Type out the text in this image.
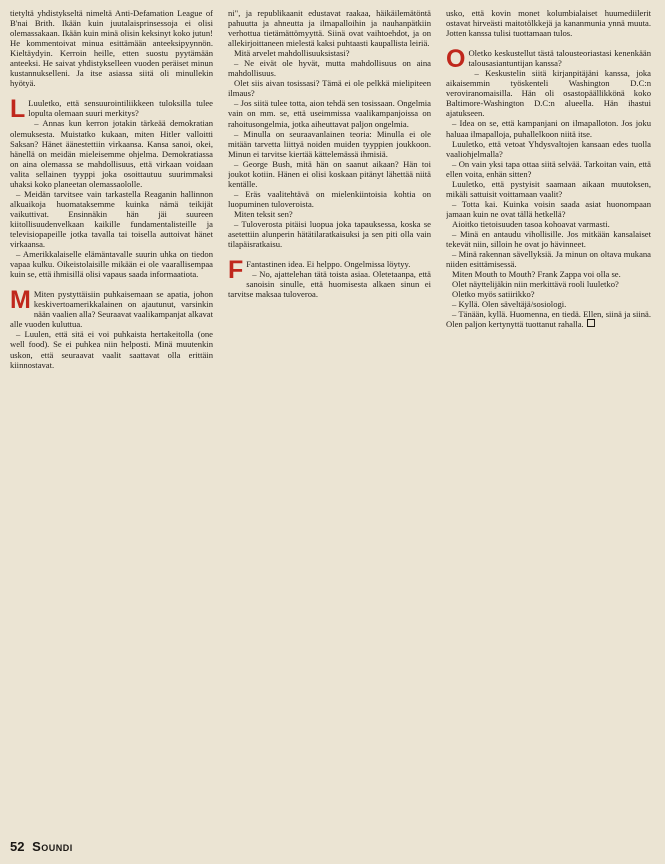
tietyltä yhdistykseltä nimeltä Anti-Defamation League of B'nai Brith. Ikään kuin juutalaisprinsessoja ei olisi olemassakaan. Ikään kuin minä olisin keksinyt koko jutun! He kommentoivat minua esittämään anteeksipyynnön. Kieltäydyin. Kerroin heille, etten suostu pyytämään anteeksi. He saivat yhdistykselleen vuoden peräiset minun kustannukselleni. Ja itse asiassa siitä oli minullekin hyötyä.

L Luuletko, että sensuurointiliikkeen tuloksilla tulee lopulta olemaan suuri merkitys?

– Annas kun kerron jotakin tärkeää demokratian olemuksesta. Muistatko kukaan, miten Hitler valloitti Saksan? Hänet äänestettiin virkaansa. Kansa sanoi, okei, hänellä on meidän mieleisemme ohjelma. Demokratiassa on aina olemassa se mahdollisuus, että virkaan voidaan valita sellainen tyyppi joka osoittautuu suurimmaksi uhaksi koko planeetan olemassaololle.

– Meidän tarvitsee vain tarkastella Reaganin hallinnon alkuaikoja huomataksemme kuinka nämä teikijät vaikuttivat. Ensinnäkin hän jäi suureen kiitollisuudenvelkaan kaikille fundamentalisteille ja televisiopapeille jotka tavalla tai toisella auttoivat hänet virkaansa.

– Amerikkalaiselle elämäntavalle suurin uhka on tiedon vapaa kulku. Oikeistolaisille mikään ei ole vaarallisempaa kuin se, että ihmisillä olisi vapaus saada informaatiota.

M Miten pystyttäisiin puhkaisemaan se apatia, johon keskivertoamerikkalainen on ajautunut, varsinkin nään vaalien alla? Seuraavat vaalikampanjat alkavat alle vuoden kuluttua.

– Luulen, että sitä ei voi puhkaista hertakeitolla (one well food). Se ei puhkea niin helposti. Minä muutenkin uskon, että seuraavat vaalit saattavat olla erittäin kiinnostavat.

ni", ja republikaanit edustavat raakaa, häikäilemätöntä pahuutta ja ahneutta ja ilmapalloihin ja nauhanpätkiin verhottua tietämättömyyttä. Siinä ovat vaihtoehdot, ja on allekirjoittaneen mielestä kaksi puhtaasti kaupallista leiriä.

Mitä arvelet mahdollisuuksistasi?

– Ne eivät ole hyvät, mutta mahdollisuus on aina mahdollisuus.

Olet siis aivan tosissasi? Tämä ei ole pelkkä mielipiteen ilmaus?

– Jos siitä tulee totta, aion tehdä sen tosissaan. Ongelmia vain on mm. se, että useimmissa vaalikampanjoissa on rahoitusongelmia, jotka aiheuttavat paljon ongelmia.

– Minulla on seuraavanlainen teoria: Minulla ei ole mitään tarvetta liittyä noiden muiden tyyppien joukkoon. Minun ei tarvitse kiertää kättelemässä ihmisiä.

– George Bush, mitä hän on saanut aikaan? Hän toi joukot kotiin. Hänen ei olisi koskaan pitänyt lähettää niitä kentälle.

– Eräs vaalitehtävä on mielenkiintoisia kohtia on luopuminen tuloveroista.

Miten teksit sen?

– Tuloverosta pitäisi luopua joka tapauksessa, koska se asetettiin alunperin hätätilaratkaisuksi ja sen piti olla vain tilapäisratkaisu.

F Fantastinen idea. Ei helppo. Ongelmissa löytyy.

– No, ajattelehan tätä toista asiaa. Oletetaanpa, että sanoisin sinulle, että huomisesta alkaen sinun ei tarvitse maksaa tuloveroa.

usko, että kovin monet kolumbialaiset huumediilerit ostavat hirveästi maitotölkkejä ja kananmunia ynnä muuta. Jotten kanssa tulisi tuottamaan tulos.

O Oletko keskustellut tästä talousteoriastasi kenenkään talousasiantuntijan kanssa?

– Keskustelin siitä kirjanpitäjäni kanssa, joka aikaisemmin työskenteli Washington D.C:n veroviranomaisilla. Hän oli osastopäällikkönä koko Baltimore-Washington D.C:n alueella. Hän ihastui ajatukseen.

– Idea on se, että kampanjani on ilmapalloton. Jos joku haluaa ilmapalloja, puhallelkoon niitä itse.

Luuletko, että vetoat Yhdysvaltojen kansaan edes tuolla vaaliohjelmalla?

– On vain yksi tapa ottaa siitä selvää. Tarkoitan vain, että ellen voita, enhän sitten?

Luuletko, että pystyisit saamaan aikaan muutoksen, mikäli sattuisit voittamaan vaalit?

– Totta kai. Kuinka voisin saada asiat huonompaan jamaan kuin ne ovat tällä hetkellä?

Aioitko tietoisuuden tasoa kohoavat varmasti.

– Minä en antaudu vihollisille. Jos mitkään kansalaiset tekevät niin, silloin he ovat jo hävinneet.

– Minä rakennan sävellyksiä. Ja minun on oltava mukana niiden esittämisessä.

Miten Mouth to Mouth? Frank Zappa voi olla se.

Olet näyttelijäkin niin merkittävä rooli luuletko?

Oletko myös satiirikko?

– Kyllä. Olen säveltäjä/sosiologi.

– Tänään, kyllä. Huomenna, en tiedä. Ellen, siinä ja siinä. Olen paljon kertynyttä tuottanut rahalla.

52 Soundi
